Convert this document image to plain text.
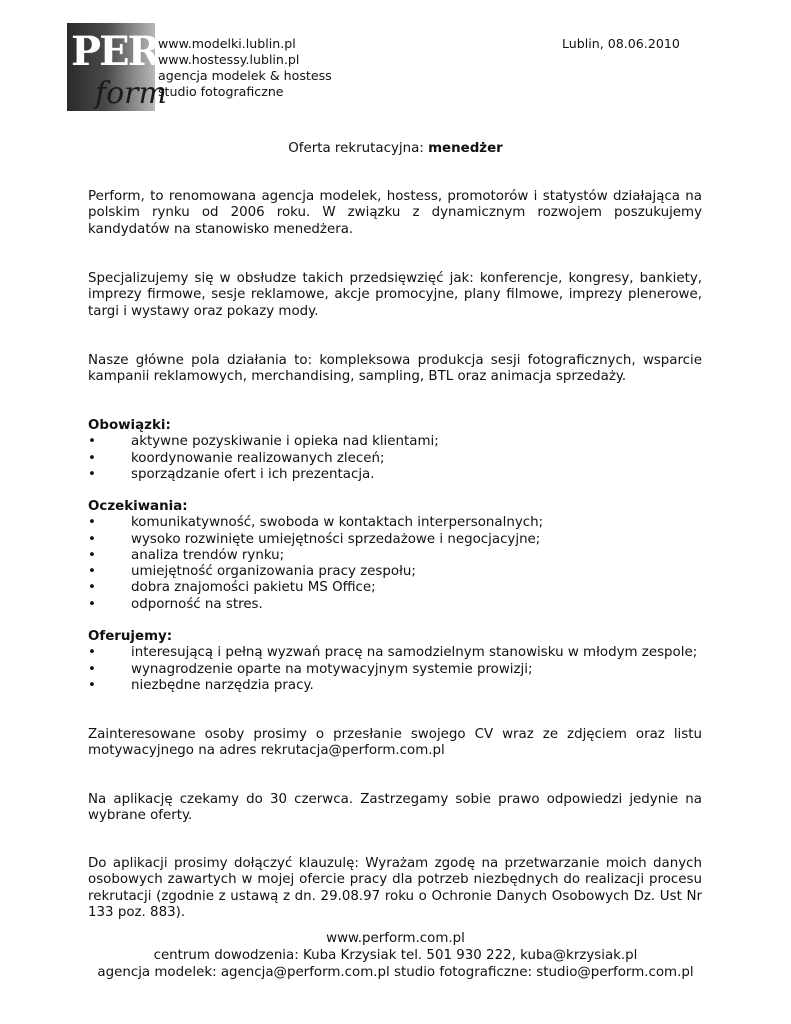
PER
form
www.modelki.lublin.pl
www.hostessy.lublin.pl
agencja modelek & hostess
studio fotograficzne
Lublin, 08.06.2010
Oferta rekrutacyjna: menedżer
Perform, to renomowana agencja modelek, hostess, promotorów i statystów działająca na polskim rynku od 2006 roku. W związku z dynamicznym rozwojem poszukujemy kandydatów na stanowisko menedżera.
Specjalizujemy się w obsłudze takich przedsięwzięć jak: konferencje, kongresy, bankiety, imprezy firmowe, sesje reklamowe, akcje promocyjne, plany filmowe, imprezy plenerowe, targi i wystawy oraz pokazy mody.
Nasze główne pola działania to: kompleksowa produkcja sesji fotograficznych, wsparcie kampanii reklamowych, merchandising, sampling, BTL oraz animacja sprzedaży.
Obowiązki:
•	aktywne pozyskiwanie i opieka nad klientami;
•	koordynowanie realizowanych zleceń;
•	sporządzanie ofert i ich prezentacja.
Oczekiwania:
•	komunikatywność, swoboda w kontaktach interpersonalnych;
•	wysoko rozwinięte umiejętności sprzedażowe i negocjacyjne;
•	analiza trendów rynku;
•	umiejętność organizowania pracy zespołu;
•	dobra znajomości pakietu MS Office;
•	odporność na stres.
Oferujemy:
•	interesującą i pełną wyzwań pracę na samodzielnym stanowisku w młodym zespole;
•	wynagrodzenie oparte na motywacyjnym systemie prowizji;
•	niezbędne narzędzia pracy.
Zainteresowane osoby prosimy o przesłanie swojego CV wraz ze zdjęciem oraz listu motywacyjnego na adres rekrutacja@perform.com.pl
Na aplikację czekamy do 30 czerwca. Zastrzegamy sobie prawo odpowiedzi jedynie na wybrane oferty.
Do aplikacji prosimy dołączyć klauzulę: Wyrażam zgodę na przetwarzanie moich danych osobowych zawartych w mojej ofercie pracy dla potrzeb niezbędnych do realizacji procesu rekrutacji (zgodnie z ustawą z dn. 29.08.97 roku o Ochronie Danych Osobowych Dz. Ust Nr 133 poz. 883).
www.perform.com.pl
centrum dowodzenia: Kuba Krzysiak tel. 501 930 222, kuba@krzysiak.pl
agencja modelek: agencja@perform.com.pl studio fotograficzne: studio@perform.com.pl
